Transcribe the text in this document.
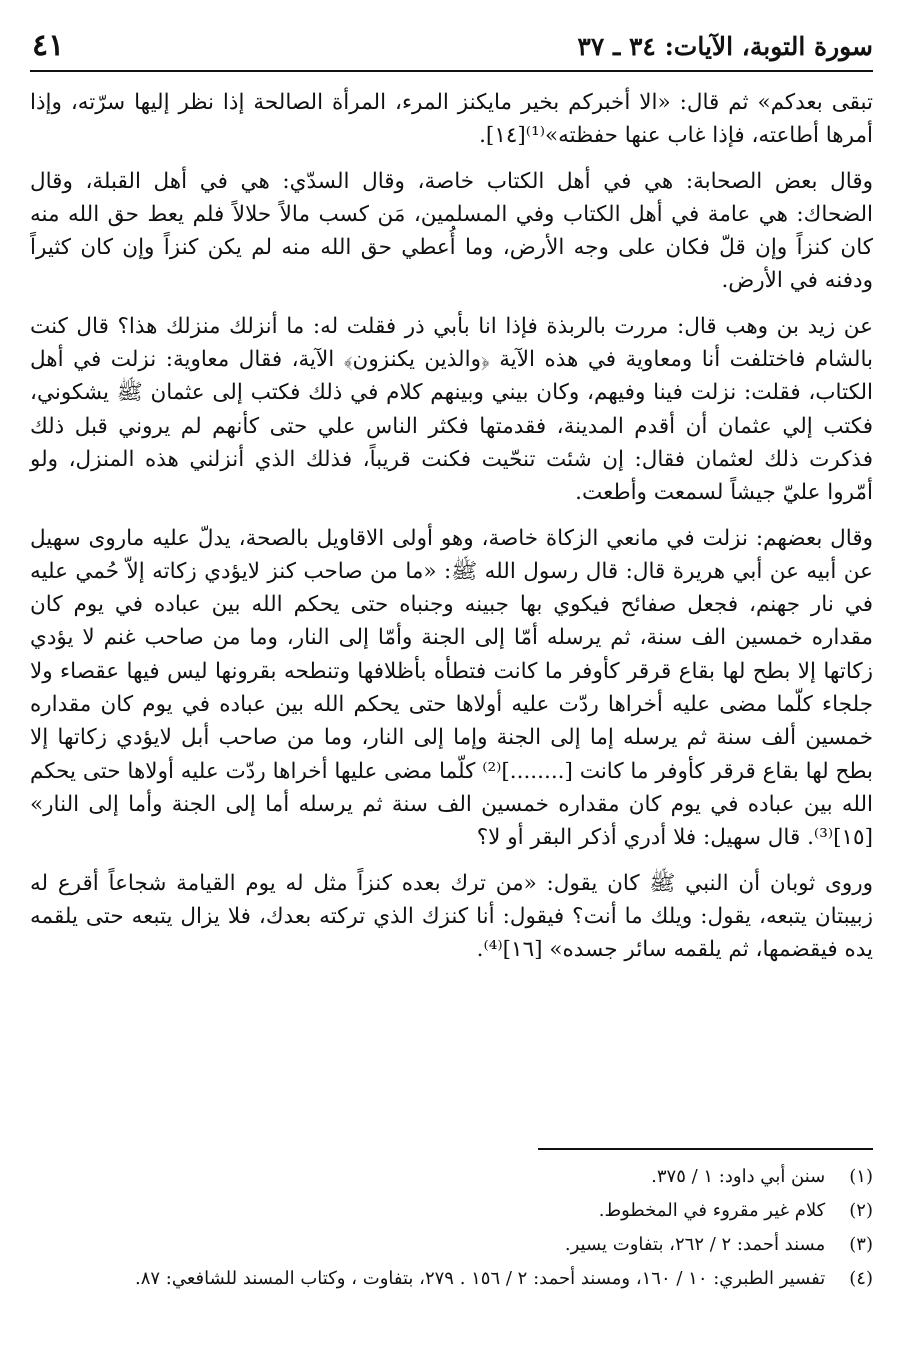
سورة التوبة، الآيات: ٣٤ ـ ٣٧
٤١

تبقى بعدكم» ثم قال: «الا أخبركم بخير مايكنز المرء، المرأة الصالحة إذا نظر إليها سرّته، وإذا أمرها أطاعته، فإذا غاب عنها حفظته»⁽¹⁾[١٤].

وقال بعض الصحابة: هي في أهل الكتاب خاصة، وقال السدّي: هي في أهل القبلة، وقال الضحاك: هي عامة في أهل الكتاب وفي المسلمين، مَن كسب مالاً حلالاً فلم يعط حق الله منه كان كنزاً وإن قلّ فكان على وجه الأرض، وما أُعطي حق الله منه لم يكن كنزاً وإن كان كثيراً ودفنه في الأرض.

عن زيد بن وهب قال: مررت بالربذة فإذا انا بأبي ذر فقلت له: ما أنزلك منزلك هذا؟ قال كنت بالشام فاختلفت أنا ومعاوية في هذه الآية ﴿والذين يكنزون﴾ الآية، فقال معاوية: نزلت في أهل الكتاب، فقلت: نزلت فينا وفيهم، وكان بيني وبينهم كلام في ذلك فكتب إلى عثمان ﷺ يشكوني، فكتب إلي عثمان أن أقدم المدينة، فقدمتها فكثر الناس علي حتى كأنهم لم يروني قبل ذلك فذكرت ذلك لعثمان فقال: إن شئت تنحّيت فكنت قريباً، فذلك الذي أنزلني هذه المنزل، ولو أمّروا عليّ جيشاً لسمعت وأطعت.

وقال بعضهم: نزلت في مانعي الزكاة خاصة، وهو أولى الاقاويل بالصحة، يدلّ عليه ماروى سهيل عن أبيه عن أبي هريرة قال: قال رسول الله ﷺ: «ما من صاحب كنز لايؤدي زكاته إلاّ حُمي عليه في نار جهنم، فجعل صفائح فيكوي بها جبينه وجنباه حتى يحكم الله بين عباده في يوم كان مقداره خمسين الف سنة، ثم يرسله أمّا إلى الجنة وأمّا إلى النار، وما من صاحب غنم لا يؤدي زكاتها إلا بطح لها بقاع قرقر كأوفر ما كانت فتطأه بأظلافها وتنطحه بقرونها ليس فيها عقصاء ولا جلجاء كلّما مضى عليه أخراها ردّت عليه أولاها حتى يحكم الله بين عباده في يوم كان مقداره خمسين ألف سنة ثم يرسله إما إلى الجنة وإما إلى النار، وما من صاحب أبل لايؤدي زكاتها إلا بطح لها بقاع قرقر كأوفر ما كانت [........]⁽²⁾ كلّما مضى عليها أخراها ردّت عليه أولاها حتى يحكم الله بين عباده في يوم كان مقداره خمسين الف سنة ثم يرسله أما إلى الجنة وأما إلى النار» [١٥]⁽³⁾. قال سهيل: فلا أدري أذكر البقر أو لا؟

وروى ثوبان أن النبي ﷺ كان يقول: «من ترك بعده كنزاً مثل له يوم القيامة شجاعاً أقرع له زبيبتان يتبعه، يقول: ويلك ما أنت؟ فيقول: أنا كنزك الذي تركته بعدك، فلا يزال يتبعه حتى يلقمه يده فيقضمها، ثم يلقمه سائر جسده» [١٦]⁽⁴⁾.

(١) سنن أبي داود: ١ / ٣٧٥.
(٢) كلام غير مقروء في المخطوط.
(٣) مسند أحمد: ٢ / ٢٦٢، بتفاوت يسير.
(٤) تفسير الطبري: ١٠ / ١٦٠، ومسند أحمد: ٢ / ١٥٦ . ٢٧٩، بتفاوت ، وكتاب المسند للشافعي: ٨٧.
